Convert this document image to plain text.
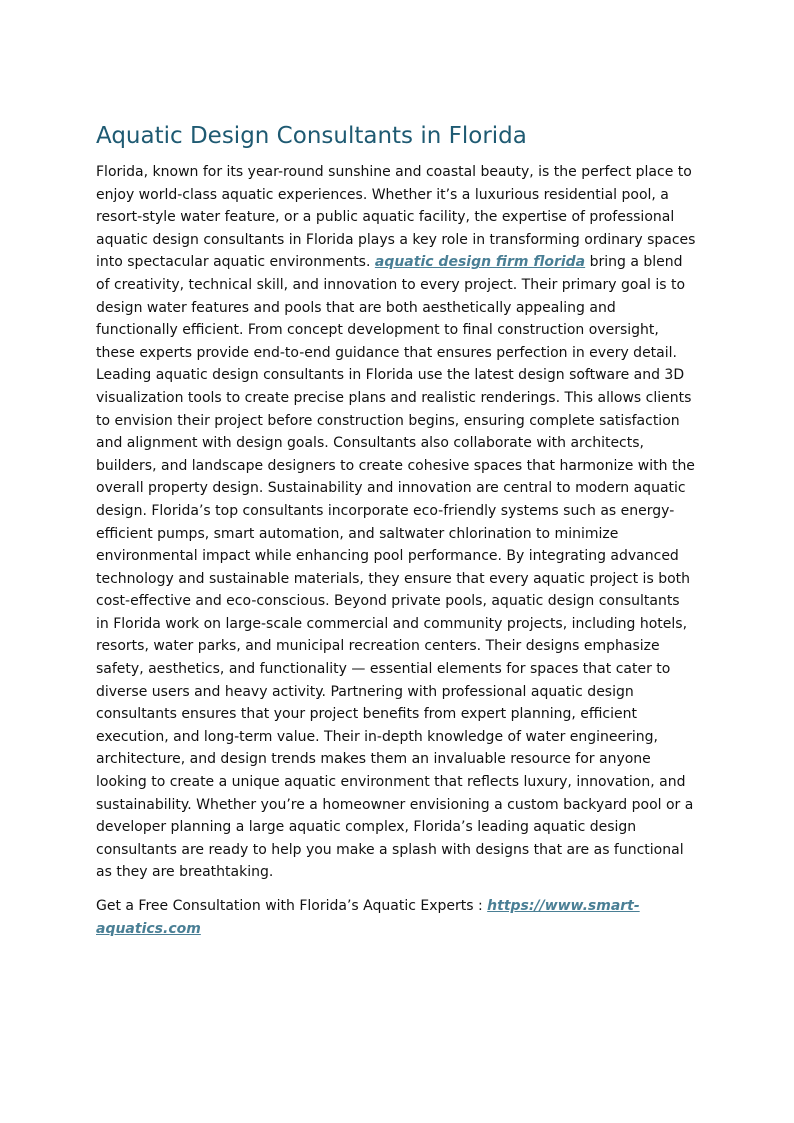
Aquatic Design Consultants in Florida

Florida, known for its year-round sunshine and coastal beauty, is the perfect place to enjoy world-class aquatic experiences. Whether it’s a luxurious residential pool, a resort-style water feature, or a public aquatic facility, the expertise of professional aquatic design consultants in Florida plays a key role in transforming ordinary spaces into spectacular aquatic environments. aquatic design firm florida bring a blend of creativity, technical skill, and innovation to every project. Their primary goal is to design water features and pools that are both aesthetically appealing and functionally efficient. From concept development to final construction oversight, these experts provide end-to-end guidance that ensures perfection in every detail. Leading aquatic design consultants in Florida use the latest design software and 3D visualization tools to create precise plans and realistic renderings. This allows clients to envision their project before construction begins, ensuring complete satisfaction and alignment with design goals. Consultants also collaborate with architects, builders, and landscape designers to create cohesive spaces that harmonize with the overall property design. Sustainability and innovation are central to modern aquatic design. Florida’s top consultants incorporate eco-friendly systems such as energy-efficient pumps, smart automation, and saltwater chlorination to minimize environmental impact while enhancing pool performance. By integrating advanced technology and sustainable materials, they ensure that every aquatic project is both cost-effective and eco-conscious. Beyond private pools, aquatic design consultants in Florida work on large-scale commercial and community projects, including hotels, resorts, water parks, and municipal recreation centers. Their designs emphasize safety, aesthetics, and functionality — essential elements for spaces that cater to diverse users and heavy activity. Partnering with professional aquatic design consultants ensures that your project benefits from expert planning, efficient execution, and long-term value. Their in-depth knowledge of water engineering, architecture, and design trends makes them an invaluable resource for anyone looking to create a unique aquatic environment that reflects luxury, innovation, and sustainability. Whether you’re a homeowner envisioning a custom backyard pool or a developer planning a large aquatic complex, Florida’s leading aquatic design consultants are ready to help you make a splash with designs that are as functional as they are breathtaking.

Get a Free Consultation with Florida’s Aquatic Experts : https://www.smart-aquatics.com
